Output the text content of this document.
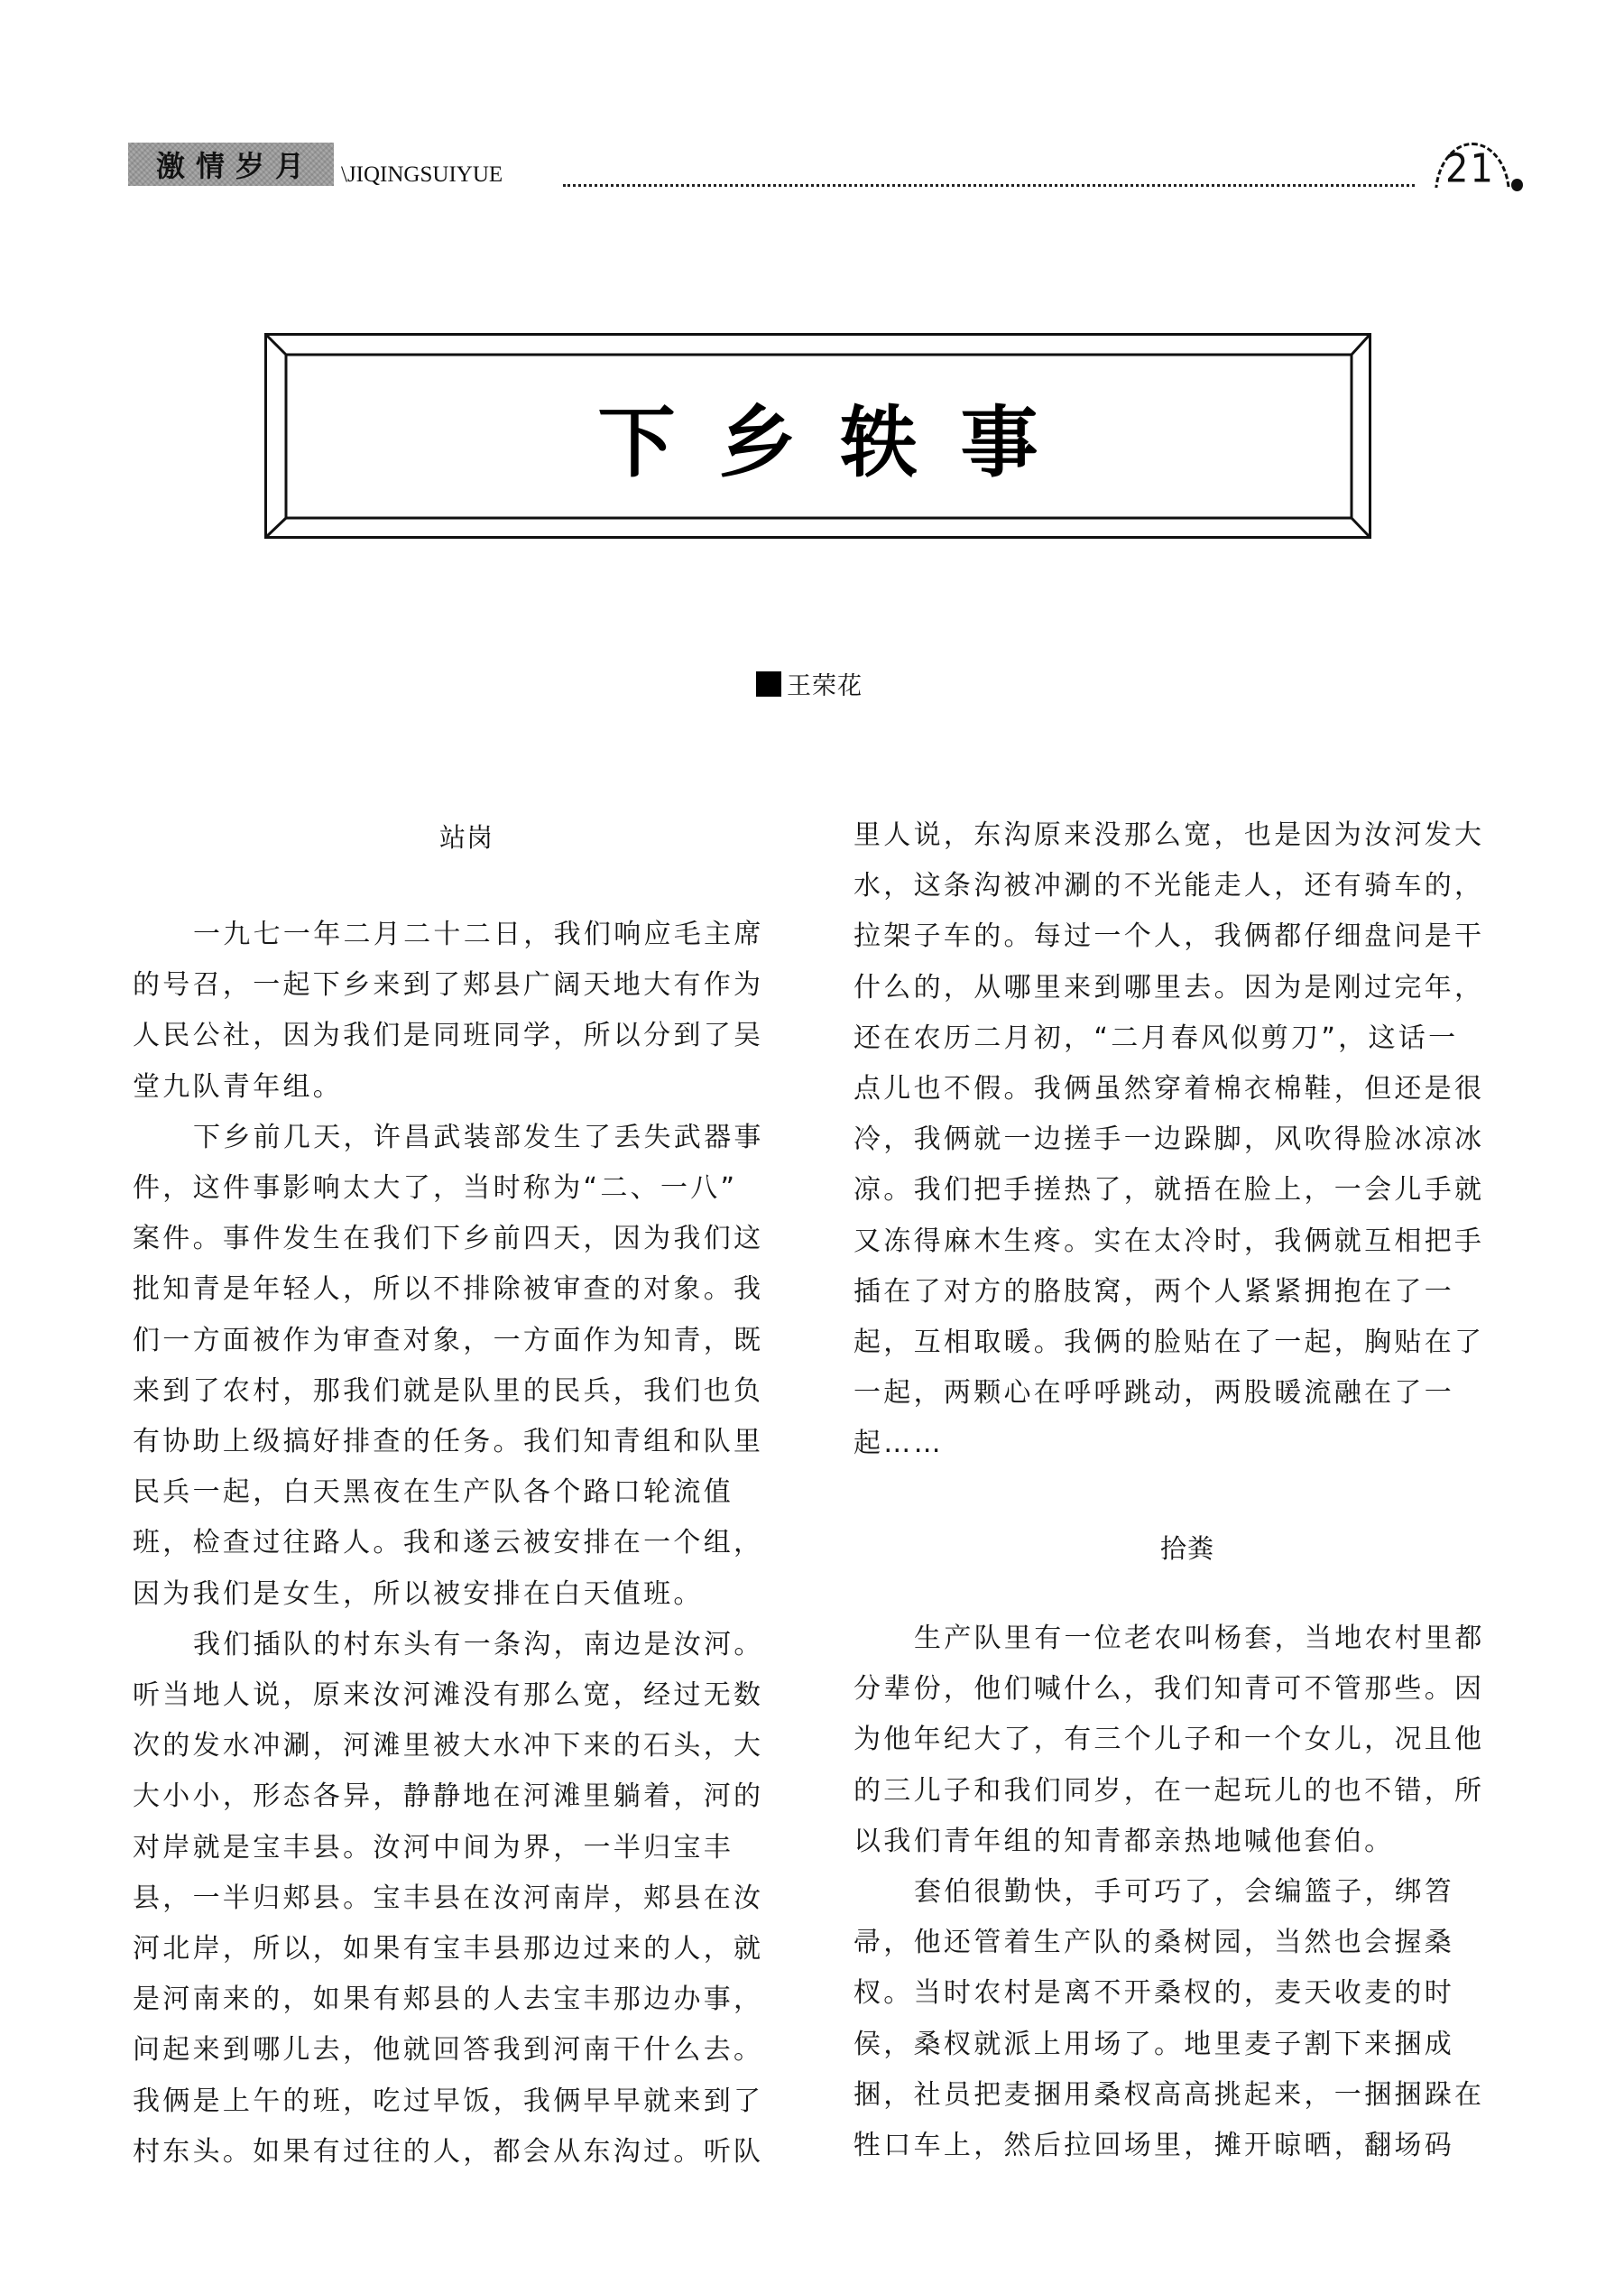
激情岁月	\JIQINGSUIYUE	21
下乡轶事
王荣花
站岗
一九七一年二月二十二日，我们响应毛主席
的号召，一起下乡来到了郏县广阔天地大有作为
人民公社，因为我们是同班同学，所以分到了吴
堂九队青年组。
下乡前几天，许昌武装部发生了丢失武器事
件，这件事影响太大了，当时称为“二、一八”
案件。事件发生在我们下乡前四天，因为我们这
批知青是年轻人，所以不排除被审查的对象。我
们一方面被作为审查对象，一方面作为知青，既
来到了农村，那我们就是队里的民兵，我们也负
有协助上级搞好排查的任务。我们知青组和队里
民兵一起，白天黑夜在生产队各个路口轮流值
班，检查过往路人。我和遂云被安排在一个组，
因为我们是女生，所以被安排在白天值班。
我们插队的村东头有一条沟，南边是汝河。
听当地人说，原来汝河滩没有那么宽，经过无数
次的发水冲涮，河滩里被大水冲下来的石头，大
大小小，形态各异，静静地在河滩里躺着，河的
对岸就是宝丰县。汝河中间为界，一半归宝丰
县，一半归郏县。宝丰县在汝河南岸，郏县在汝
河北岸，所以，如果有宝丰县那边过来的人，就
是河南来的，如果有郏县的人去宝丰那边办事，
问起来到哪儿去，他就回答我到河南干什么去。
我俩是上午的班，吃过早饭，我俩早早就来到了
村东头。如果有过往的人，都会从东沟过。听队
拾粪
里人说，东沟原来没那么宽，也是因为汝河发大
水，这条沟被冲涮的不光能走人，还有骑车的，
拉架子车的。每过一个人，我俩都仔细盘问是干
什么的，从哪里来到哪里去。因为是刚过完年，
还在农历二月初，“二月春风似剪刀”，这话一
点儿也不假。我俩虽然穿着棉衣棉鞋，但还是很
冷，我俩就一边搓手一边跺脚，风吹得脸冰凉冰
凉。我们把手搓热了，就捂在脸上，一会儿手就
又冻得麻木生疼。实在太冷时，我俩就互相把手
插在了对方的胳肢窝，两个人紧紧拥抱在了一
起，互相取暖。我俩的脸贴在了一起，胸贴在了
一起，两颗心在呼呼跳动，两股暖流融在了一
起……
生产队里有一位老农叫杨套，当地农村里都
分辈份，他们喊什么，我们知青可不管那些。因
为他年纪大了，有三个儿子和一个女儿，况且他
的三儿子和我们同岁，在一起玩儿的也不错，所
以我们青年组的知青都亲热地喊他套伯。
套伯很勤快，手可巧了，会编篮子，绑笤
帚，他还管着生产队的桑树园，当然也会握桑
杈。当时农村是离不开桑杈的，麦天收麦的时
侯，桑杈就派上用场了。地里麦子割下来捆成
捆，社员把麦捆用桑杈高高挑起来，一捆捆跺在
牲口车上，然后拉回场里，摊开晾晒，翻场码
